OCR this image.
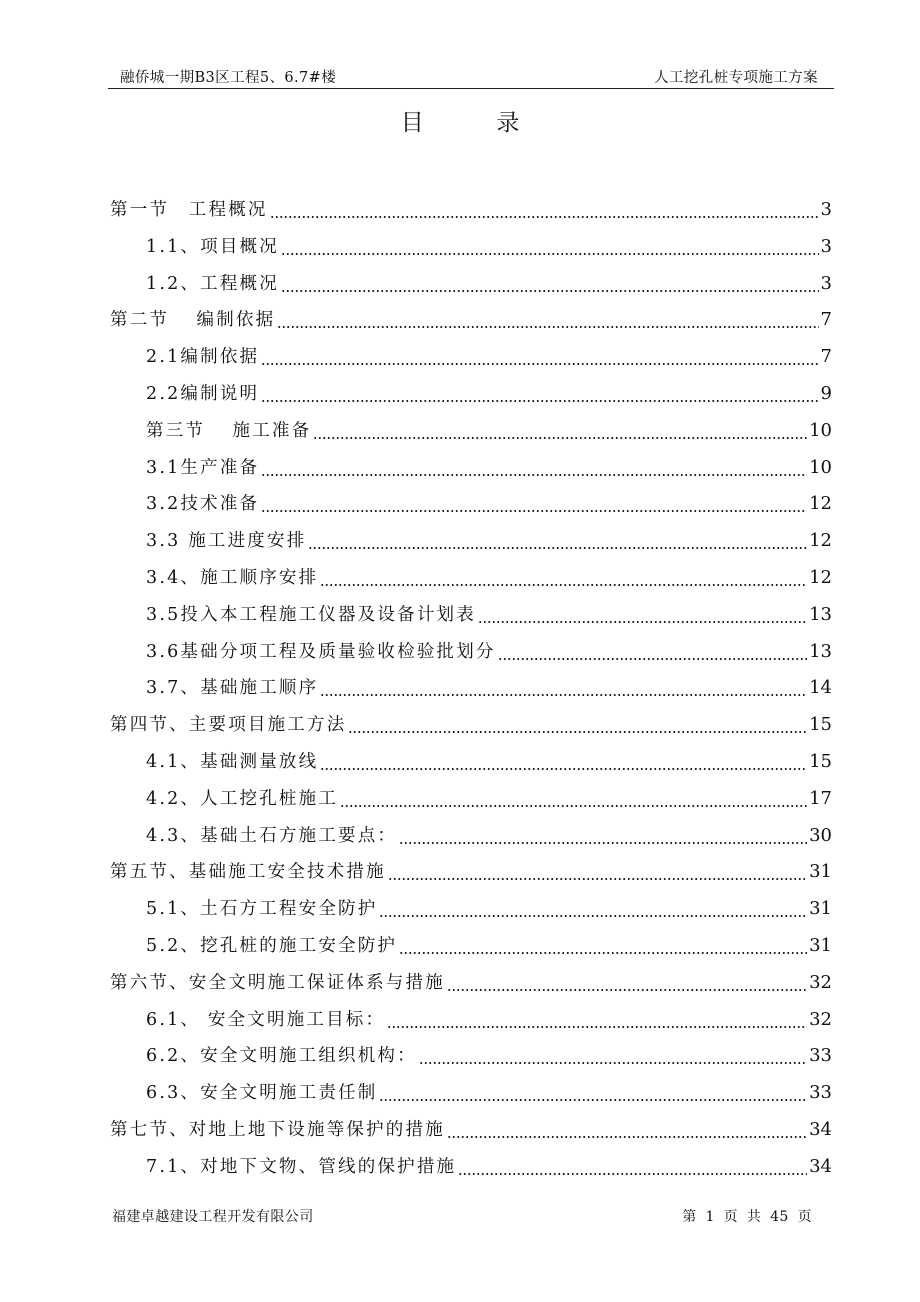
融侨城一期B3区工程5、6.7#楼	人工挖孔桩专项施工方案
目	录
第一节　工程概况	3
1.1、项目概况	3
1.2、工程概况	3
第二节　 编制依据	7
2.1编制依据	7
2.2编制说明	9
第三节　 施工准备	10
3.1生产准备	10
3.2技术准备	12
3.3 施工进度安排	12
3.4、施工顺序安排	12
3.5投入本工程施工仪器及设备计划表	13
3.6基础分项工程及质量验收检验批划分	13
3.7、基础施工顺序	14
第四节、主要项目施工方法	15
4.1、基础测量放线	15
4.2、人工挖孔桩施工	17
4.3、基础土石方施工要点：	30
第五节、基础施工安全技术措施	31
5.1、土石方工程安全防护	31
5.2、挖孔桩的施工安全防护	31
第六节、安全文明施工保证体系与措施	32
6.1、 安全文明施工目标：	32
6.2、安全文明施工组织机构：	33
6.3、安全文明施工责任制	33
第七节、对地上地下设施等保护的措施	34
7.1、对地下文物、管线的保护措施	34
福建卓越建设工程开发有限公司	第 1 页 共 45 页
